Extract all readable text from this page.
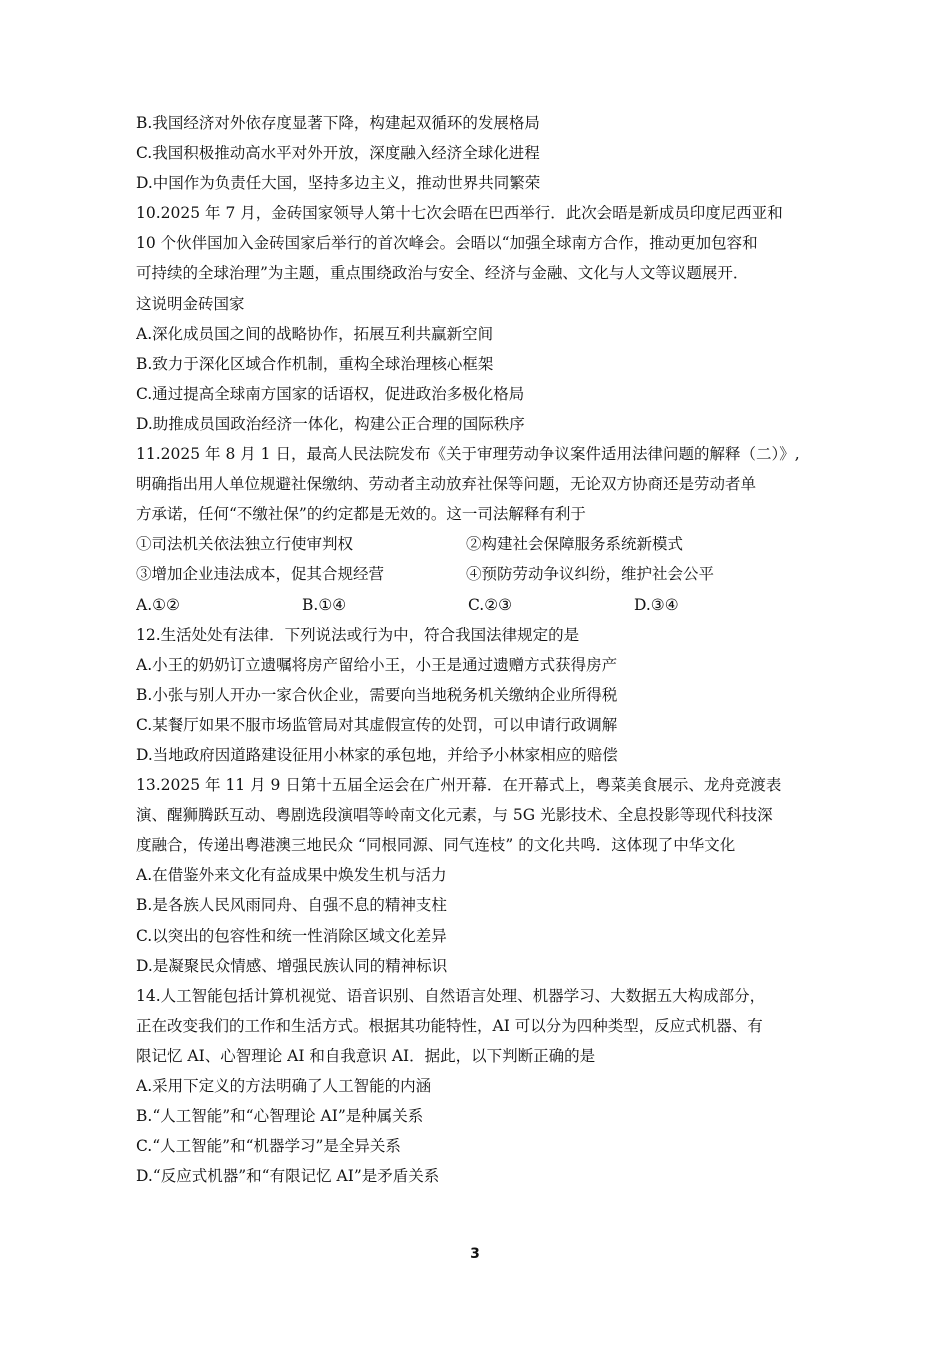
B.我国经济对外依存度显著下降，构建起双循环的发展格局
C.我国积极推动高水平对外开放，深度融入经济全球化进程
D.中国作为负责任大国，坚持多边主义，推动世界共同繁荣
10.2025 年 7 月，金砖国家领导人第十七次会晤在巴西举行．此次会晤是新成员印度尼西亚和
10 个伙伴国加入金砖国家后举行的首次峰会。会晤以“加强全球南方合作，推动更加包容和
可持续的全球治理”为主题，重点围绕政治与安全、经济与金融、文化与人文等议题展开．
这说明金砖国家
A.深化成员国之间的战略协作，拓展互利共赢新空间
B.致力于深化区域合作机制，重构全球治理核心框架
C.通过提高全球南方国家的话语权，促进政治多极化格局
D.助推成员国政治经济一体化，构建公正合理的国际秩序
11.2025 年 8 月 1 日，最高人民法院发布《关于审理劳动争议案件适用法律问题的解释（二）》,
明确指出用人单位规避社保缴纳、劳动者主动放弃社保等问题，无论双方协商还是劳动者单
方承诺，任何“不缴社保”的约定都是无效的。这一司法解释有利于
①司法机关依法独立行使审判权	②构建社会保障服务系统新模式
③增加企业违法成本，促其合规经营	④预防劳动争议纠纷，维护社会公平
A.①②	B.①④	C.②③	D.③④
12.生活处处有法律．下列说法或行为中，符合我国法律规定的是
A.小王的奶奶订立遗嘱将房产留给小王，小王是通过遗赠方式获得房产
B.小张与别人开办一家合伙企业，需要向当地税务机关缴纳企业所得税
C.某餐厅如果不服市场监管局对其虚假宣传的处罚，可以申请行政调解
D.当地政府因道路建设征用小林家的承包地，并给予小林家相应的赔偿
13.2025 年 11 月 9 日第十五届全运会在广州开幕．在开幕式上，粤菜美食展示、龙舟竞渡表
演、醒狮腾跃互动、粤剧选段演唱等岭南文化元素，与 5G 光影技术、全息投影等现代科技深
度融合，传递出粤港澳三地民众 “同根同源、同气连枝” 的文化共鸣．这体现了中华文化
A.在借鉴外来文化有益成果中焕发生机与活力
B.是各族人民风雨同舟、自强不息的精神支柱
C.以突出的包容性和统一性消除区域文化差异
D.是凝聚民众情感、增强民族认同的精神标识
14.人工智能包括计算机视觉、语音识别、自然语言处理、机器学习、大数据五大构成部分，
正在改变我们的工作和生活方式。根据其功能特性，AI 可以分为四种类型，反应式机器、有
限记忆 AI、心智理论 AI 和自我意识 AI．据此，以下判断正确的是
A.采用下定义的方法明确了人工智能的内涵
B.“人工智能”和“心智理论 AI”是种属关系
C.“人工智能”和“机器学习”是全异关系
D.“反应式机器”和“有限记忆 AI”是矛盾关系
3
